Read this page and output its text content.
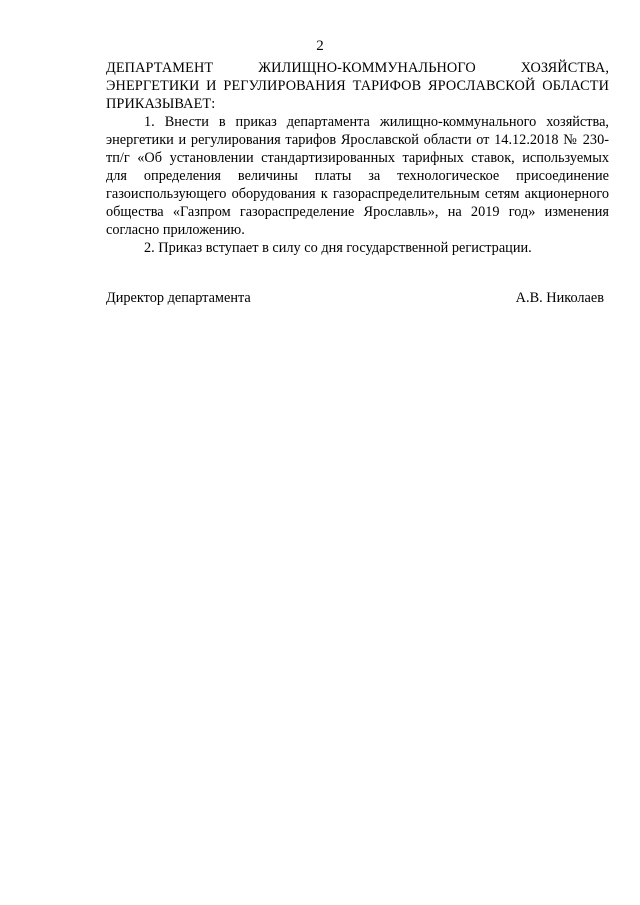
2

ДЕПАРТАМЕНТ ЖИЛИЩНО-КОММУНАЛЬНОГО ХОЗЯЙСТВА, ЭНЕРГЕТИКИ И РЕГУЛИРОВАНИЯ ТАРИФОВ ЯРОСЛАВСКОЙ ОБЛАСТИ ПРИКАЗЫВАЕТ:

1. Внести в приказ департамента жилищно-коммунального хозяйства, энергетики и регулирования тарифов Ярославской области от 14.12.2018 № 230-тп/г «Об установлении стандартизированных тарифных ставок, используемых для определения величины платы за технологическое присоединение газоиспользующего оборудования к газораспределительным сетям акционерного общества «Газпром газораспределение Ярославль», на 2019 год» изменения согласно приложению.

2. Приказ вступает в силу со дня государственной регистрации.

Директор департамента	А.В. Николаев
